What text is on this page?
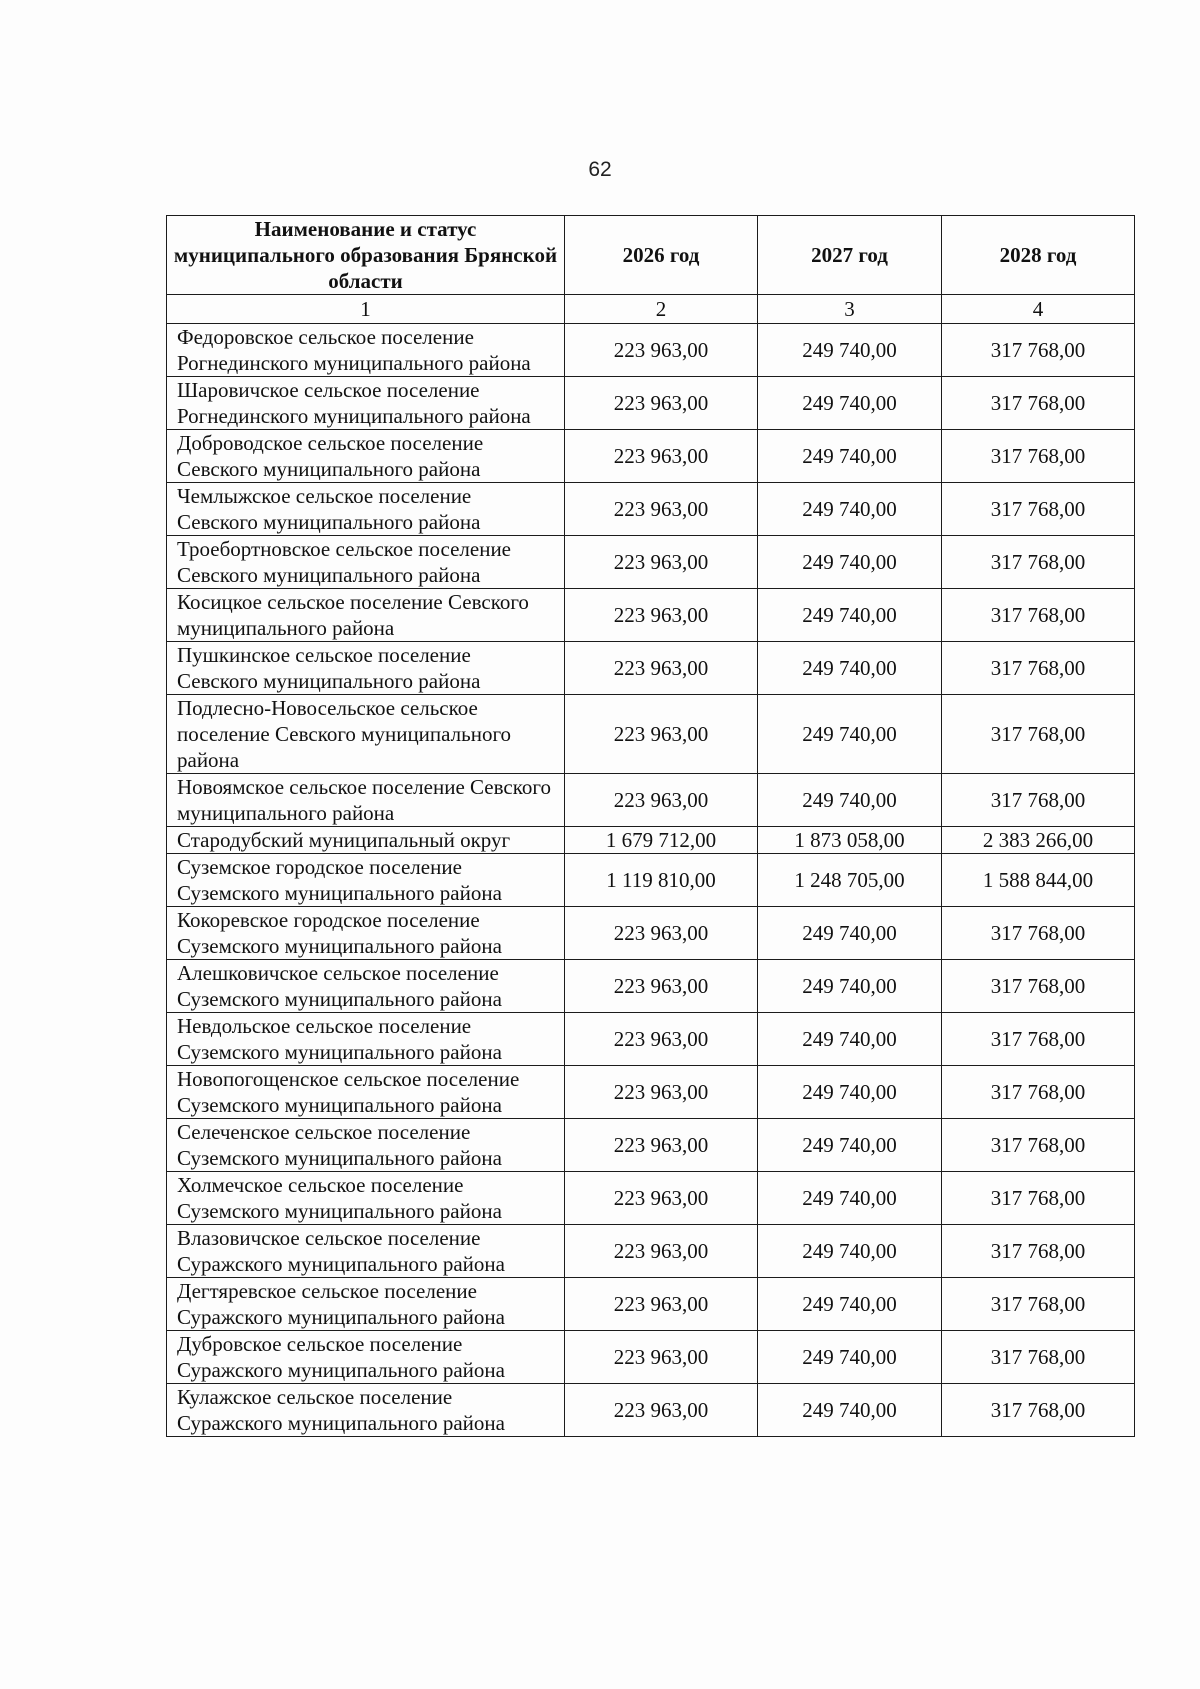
62
Наименование и статус муниципального образования Брянской области	2026 год	2027 год	2028 год
1	2	3	4
Федоровское сельское поселение Рогнединского муниципального района	223 963,00	249 740,00	317 768,00
Шаровичское сельское поселение Рогнединского муниципального района	223 963,00	249 740,00	317 768,00
Доброводское сельское поселение Севского муниципального района	223 963,00	249 740,00	317 768,00
Чемлыжское сельское поселение Севского муниципального района	223 963,00	249 740,00	317 768,00
Троебортновское сельское поселение Севского муниципального района	223 963,00	249 740,00	317 768,00
Косицкое сельское поселение Севского муниципального района	223 963,00	249 740,00	317 768,00
Пушкинское сельское поселение Севского муниципального района	223 963,00	249 740,00	317 768,00
Подлесно-Новосельское сельское поселение Севского муниципального района	223 963,00	249 740,00	317 768,00
Новоямское сельское поселение Севского муниципального района	223 963,00	249 740,00	317 768,00
Стародубский муниципальный округ	1 679 712,00	1 873 058,00	2 383 266,00
Суземское городское поселение Суземского муниципального района	1 119 810,00	1 248 705,00	1 588 844,00
Кокоревское городское поселение Суземского муниципального района	223 963,00	249 740,00	317 768,00
Алешковичское сельское поселение Суземского муниципального района	223 963,00	249 740,00	317 768,00
Невдольское сельское поселение Суземского муниципального района	223 963,00	249 740,00	317 768,00
Новопогощенское сельское поселение Суземского муниципального района	223 963,00	249 740,00	317 768,00
Селеченское сельское поселение Суземского муниципального района	223 963,00	249 740,00	317 768,00
Холмечское сельское поселение Суземского муниципального района	223 963,00	249 740,00	317 768,00
Влазовичское сельское поселение Суражского муниципального района	223 963,00	249 740,00	317 768,00
Дегтяревское сельское поселение Суражского муниципального района	223 963,00	249 740,00	317 768,00
Дубровское сельское поселение Суражского муниципального района	223 963,00	249 740,00	317 768,00
Кулажское сельское поселение Суражского муниципального района	223 963,00	249 740,00	317 768,00
